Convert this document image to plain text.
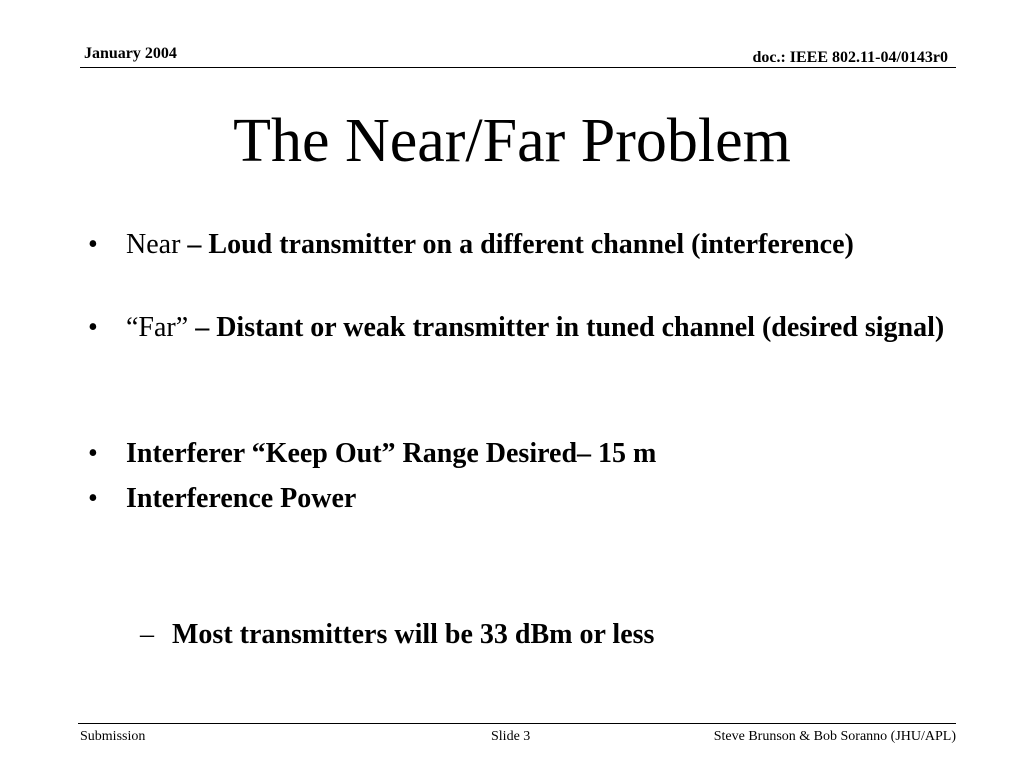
January 2004	doc.: IEEE 802.11-04/0143r0
The Near/Far Problem
•	Near – Loud transmitter on a different channel (interference)
•	“Far” – Distant or weak transmitter in tuned channel (desired signal)
•	Interferer “Keep Out” Range Desired– 15 m
•	Interference Power
– Most transmitters will be 33 dBm or less
Submission	Slide 3	Steve Brunson & Bob Soranno (JHU/APL)
